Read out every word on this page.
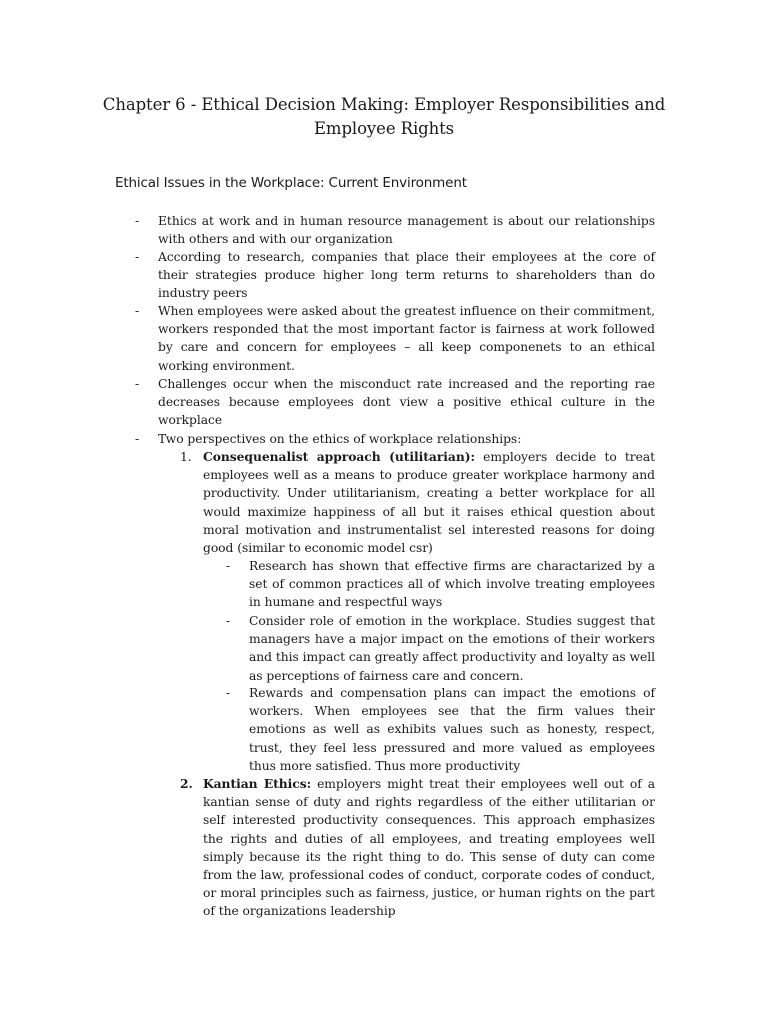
Chapter 6 - Ethical Decision Making: Employer Responsibilities and Employee Rights
Ethical Issues in the Workplace: Current Environment
- Ethics at work and in human resource management is about our relationships with others and with our organization
- According to research, companies that place their employees at the core of their strategies produce higher long term returns to shareholders than do industry peers
- When employees were asked about the greatest influence on their commitment, workers responded that the most important factor is fairness at work followed by care and concern for employees – all keep componenets to an ethical working environment.
- Challenges occur when the misconduct rate increased and the reporting rae decreases because employees dont view a positive ethical culture in the workplace
- Two perspectives on the ethics of workplace relationships:
1. Consequenalist approach (utilitarian): employers decide to treat employees well as a means to produce greater workplace harmony and productivity. Under utilitarianism, creating a better workplace for all would maximize happiness of all but it raises ethical question about moral motivation and instrumentalist sel interested reasons for doing good (similar to economic model csr)
- Research has shown that effective firms are charactarized by a set of common practices all of which involve treating employees in humane and respectful ways
- Consider role of emotion in the workplace. Studies suggest that managers have a major impact on the emotions of their workers and this impact can greatly affect productivity and loyalty as well as perceptions of fairness care and concern.
- Rewards and compensation plans can impact the emotions of workers. When employees see that the firm values their emotions as well as exhibits values such as honesty, respect, trust, they feel less pressured and more valued as employees thus more satisfied. Thus more productivity
2. Kantian Ethics: employers might treat their employees well out of a kantian sense of duty and rights regardless of the either utilitarian or self interested productivity consequences. This approach emphasizes the rights and duties of all employees, and treating employees well simply because its the right thing to do. This sense of duty can come from the law, professional codes of conduct, corporate codes of conduct, or moral principles such as fairness, justice, or human rights on the part of the organizations leadership
